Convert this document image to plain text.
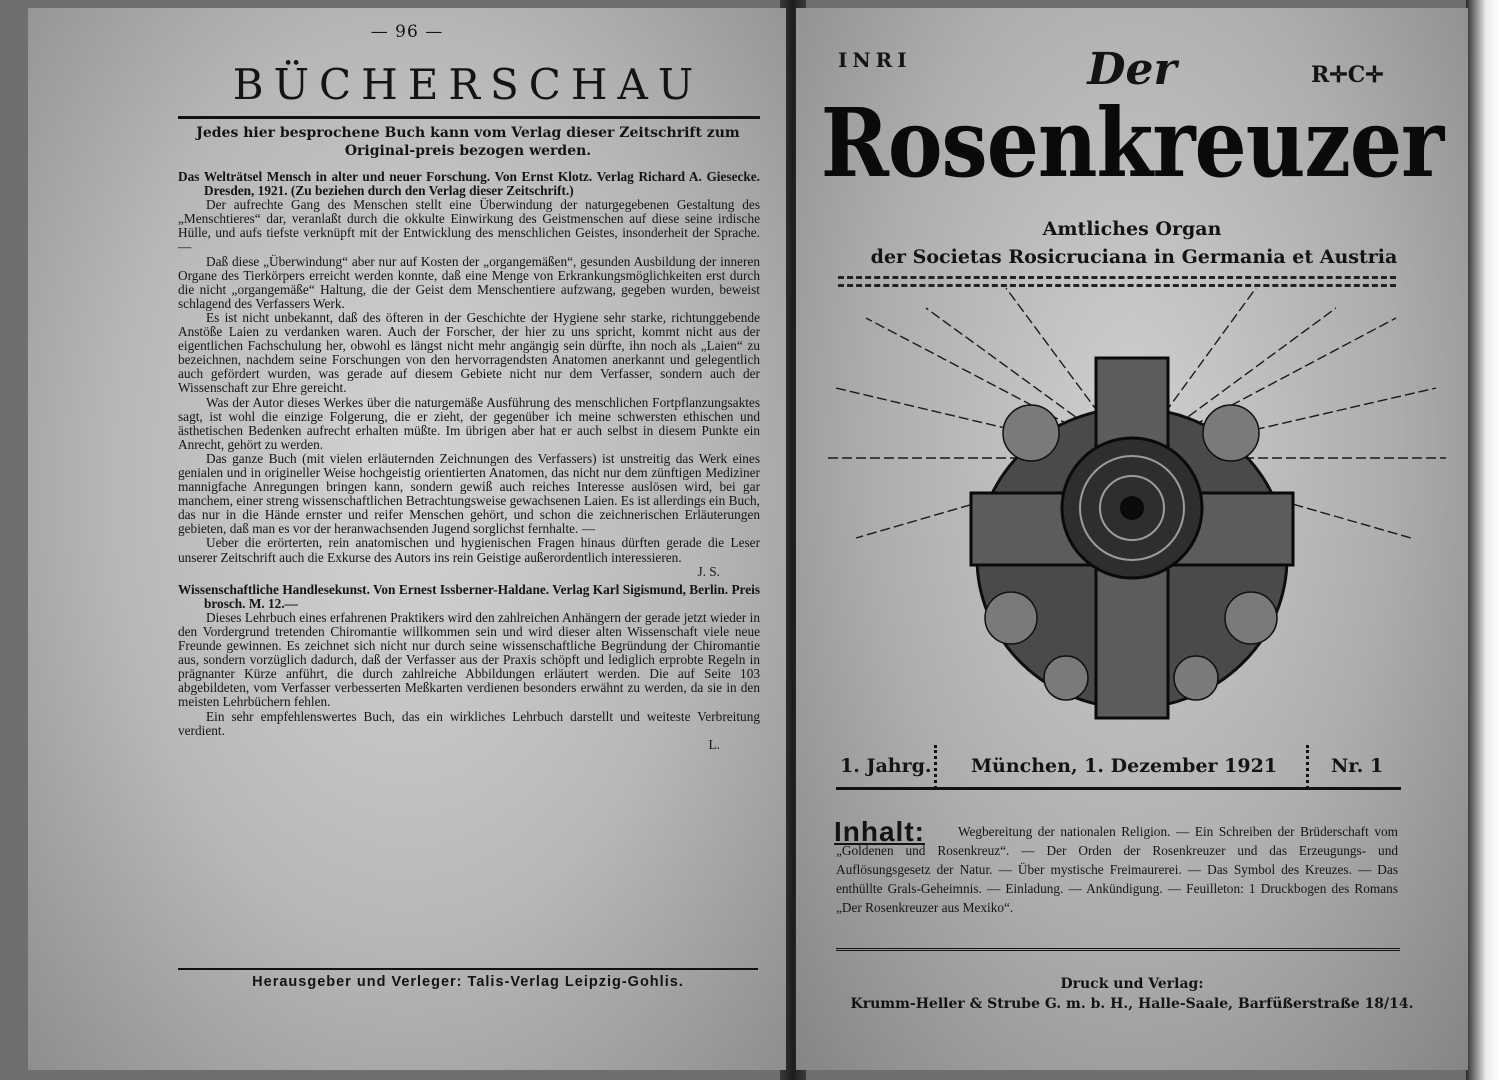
— 96 —
BÜCHERSCHAU
Jedes hier besprochene Buch kann vom Verlag dieser Zeitschrift zum Original-preis bezogen werden.

Das Welträtsel Mensch in alter und neuer Forschung. Von Ernst Klotz. Verlag Richard A. Giesecke. Dresden, 1921. (Zu beziehen durch den Verlag dieser Zeitschrift.)

Der aufrechte Gang des Menschen stellt eine Überwindung der naturgegebenen Gestaltung des „Menschtieres“ dar, veranlaßt durch die okkulte Einwirkung des Geistmenschen auf diese seine irdische Hülle, und aufs tiefste verknüpft mit der Entwicklung des menschlichen Geistes, insonderheit der Sprache. —

Daß diese „Überwindung“ aber nur auf Kosten der „organgemäßen“, gesunden Ausbildung der inneren Organe des Tierkörpers erreicht werden konnte, daß eine Menge von Erkrankungsmöglichkeiten erst durch die nicht „organgemäße“ Haltung, die der Geist dem Menschentiere aufzwang, gegeben wurden, beweist schlagend des Verfassers Werk.

Es ist nicht unbekannt, daß des öfteren in der Geschichte der Hygiene sehr starke, richtunggebende Anstöße Laien zu verdanken waren. Auch der Forscher, der hier zu uns spricht, kommt nicht aus der eigentlichen Fachschulung her, obwohl es längst nicht mehr angängig sein dürfte, ihn noch als „Laien“ zu bezeichnen, nachdem seine Forschungen von den hervorragendsten Anatomen anerkannt und gelegentlich auch gefördert wurden, was gerade auf diesem Gebiete nicht nur dem Verfasser, sondern auch der Wissenschaft zur Ehre gereicht.

Was der Autor dieses Werkes über die naturgemäße Ausführung des menschlichen Fortpflanzungsaktes sagt, ist wohl die einzige Folgerung, die er zieht, der gegenüber ich meine schwersten ethischen und ästhetischen Bedenken aufrecht erhalten müßte. Im übrigen aber hat er auch selbst in diesem Punkte ein Anrecht, gehört zu werden.

Das ganze Buch (mit vielen erläuternden Zeichnungen des Verfassers) ist unstreitig das Werk eines genialen und in origineller Weise hochgeistig orientierten Anatomen, das nicht nur dem zünftigen Mediziner mannigfache Anregungen bringen kann, sondern gewiß auch reiches Interesse auslösen wird, bei gar manchem, einer streng wissenschaftlichen Betrachtungsweise gewachsenen Laien. Es ist allerdings ein Buch, das nur in die Hände ernster und reifer Menschen gehört, und schon die zeichnerischen Erläuterungen gebieten, daß man es vor der heranwachsenden Jugend sorglichst fernhalte. —

Ueber die erörterten, rein anatomischen und hygienischen Fragen hinaus dürften gerade die Leser unserer Zeitschrift auch die Exkurse des Autors ins rein Geistige außerordentlich interessieren.

J. S.

Wissenschaftliche Handlesekunst. Von Ernest Issberner-Haldane. Verlag Karl Sigismund, Berlin. Preis brosch. M. 12.—

Dieses Lehrbuch eines erfahrenen Praktikers wird den zahlreichen Anhängern der gerade jetzt wieder in den Vordergrund tretenden Chiromantie willkommen sein und wird dieser alten Wissenschaft viele neue Freunde gewinnen. Es zeichnet sich nicht nur durch seine wissenschaftliche Begründung der Chiromantie aus, sondern vorzüglich dadurch, daß der Verfasser aus der Praxis schöpft und lediglich erprobte Regeln in prägnanter Kürze anführt, die durch zahlreiche Abbildungen erläutert werden. Die auf Seite 103 abgebildeten, vom Verfasser verbesserten Meßkarten verdienen besonders erwähnt zu werden, da sie in den meisten Lehrbüchern fehlen.

Ein sehr empfehlenswertes Buch, das ein wirkliches Lehrbuch darstellt und weiteste Verbreitung verdient.

L.

Herausgeber und Verleger: Talis-Verlag Leipzig-Gohlis.
INRI
R✛C✛
Der
Rosenkreuzer
Amtliches Organ
der Societas Rosicruciana in Germania et Austria
1. Jahrg. München, 1. Dezember 1921	Nr. 1
Inhalt:	Wegbereitung der nationalen Religion. — Ein Schreiben der Brüderschaft vom „Goldenen und Rosenkreuz“. — Der Orden der Rosenkreuzer und das Erzeugungs- und Auflösungsgesetz der Natur. — Über mystische Freimaurerei. — Das Symbol des Kreuzes. — Das enthüllte Grals-Geheimnis. — Einladung. — Ankündigung. — Feuilleton: 1 Druckbogen des Romans „Der Rosenkreuzer aus Mexiko“.
Druck und Verlag:
Krumm-Heller & Strube G. m. b. H., Halle-Saale, Barfüßerstraße 18/14.
